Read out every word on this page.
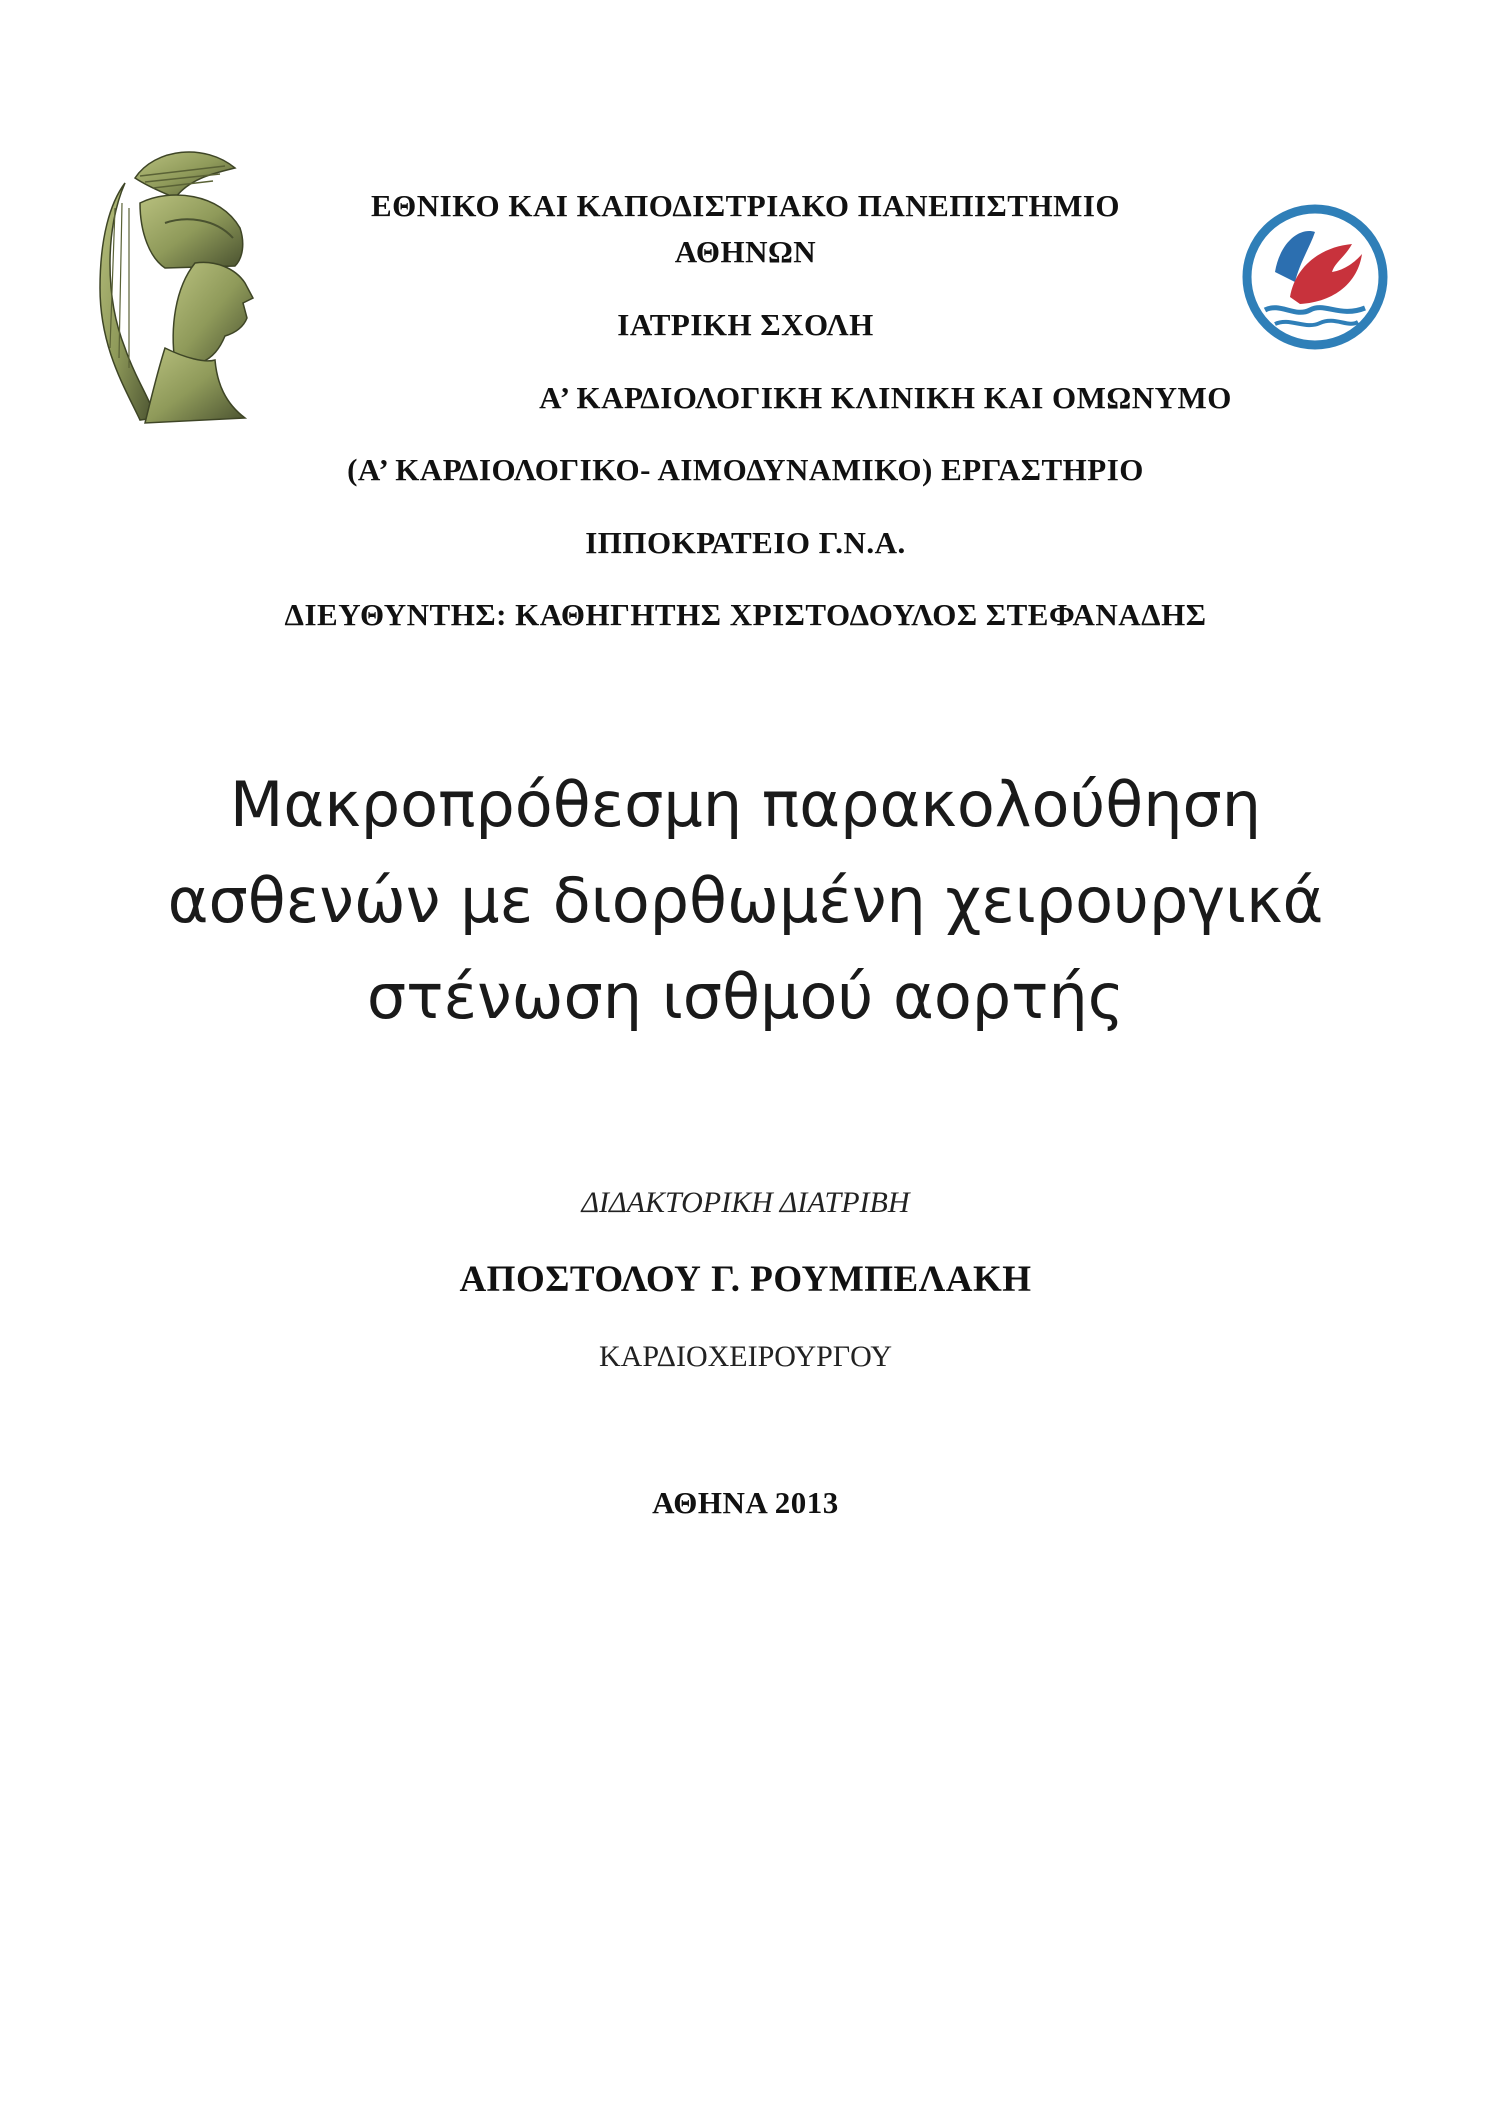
ΕΘΝΙΚΟ ΚΑΙ ΚΑΠΟΔΙΣΤΡΙΑΚΟ ΠΑΝΕΠΙΣΤΗΜΙΟ
ΑΘΗΝΩΝ
ΙΑΤΡΙΚΗ ΣΧΟΛΗ
Α’ ΚΑΡΔΙΟΛΟΓΙΚΗ ΚΛΙΝΙΚΗ ΚΑΙ ΟΜΩΝΥΜΟ
(Α’ ΚΑΡΔΙΟΛΟΓΙΚΟ- ΑΙΜΟΔΥΝΑΜΙΚΟ) ΕΡΓΑΣΤΗΡΙΟ
ΙΠΠΟΚΡΑΤΕΙΟ Γ.Ν.Α.
ΔΙΕΥΘΥΝΤΗΣ: ΚΑΘΗΓΗΤΗΣ ΧΡΙΣΤΟΔΟΥΛΟΣ ΣΤΕΦΑΝΑΔΗΣ
Μακροπρόθεσμη παρακολούθηση
ασθενών με διορθωμένη χειρουργικά
στένωση ισθμού αορτής
ΔΙΔΑΚΤΟΡΙΚΗ ΔΙΑΤΡΙΒΗ
ΑΠΟΣΤΟΛΟΥ Γ. ΡΟΥΜΠΕΛΑΚΗ
ΚΑΡΔΙΟΧΕΙΡΟΥΡΓΟΥ
ΑΘΗΝΑ 2013
